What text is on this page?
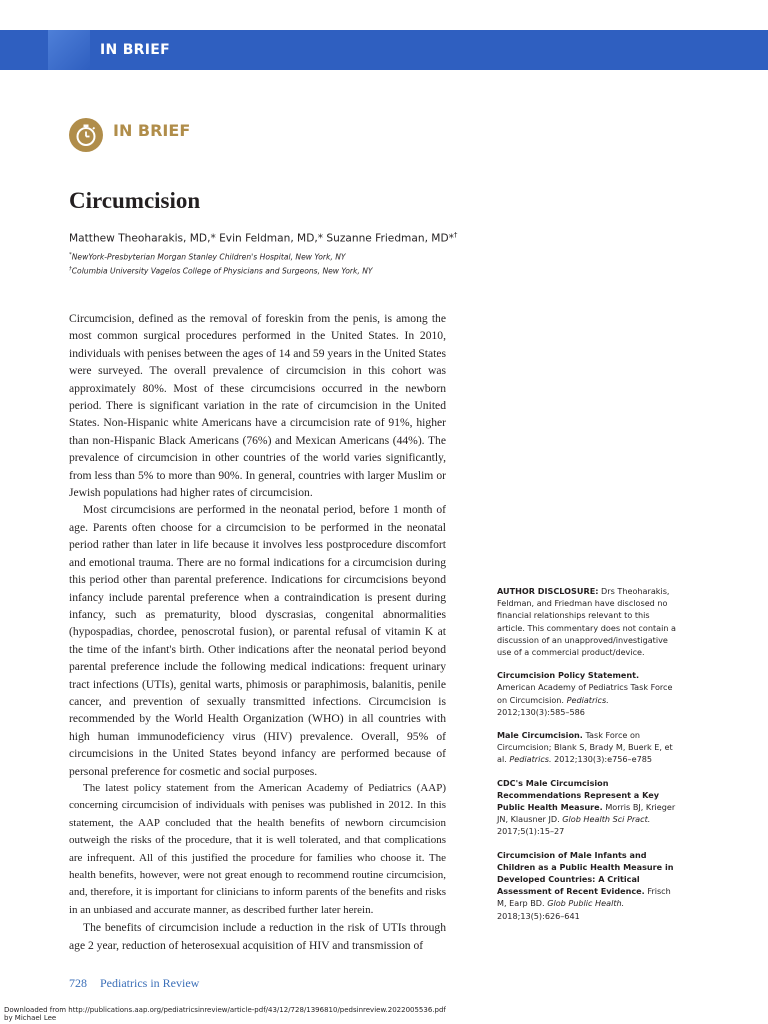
IN BRIEF
IN BRIEF
Circumcision
Matthew Theoharakis, MD,* Evin Feldman, MD,* Suzanne Friedman, MD*†
*NewYork-Presbyterian Morgan Stanley Children's Hospital, New York, NY
†Columbia University Vagelos College of Physicians and Surgeons, New York, NY

Circumcision, defined as the removal of foreskin from the penis, is among the most common surgical procedures performed in the United States. In 2010, individuals with penises between the ages of 14 and 59 years in the United States were surveyed. The overall prevalence of circumcision in this cohort was approximately 80%. Most of these circumcisions occurred in the newborn period. There is significant variation in the rate of circumcision in the United States. Non-Hispanic white Americans have a circumcision rate of 91%, higher than non-Hispanic Black Americans (76%) and Mexican Americans (44%). The prevalence of circumcision in other countries of the world varies significantly, from less than 5% to more than 90%. In general, countries with larger Muslim or Jewish populations had higher rates of circumcision.

Most circumcisions are performed in the neonatal period, before 1 month of age. Parents often choose for a circumcision to be performed in the neonatal period rather than later in life because it involves less postprocedure discomfort and emotional trauma. There are no formal indications for a circumcision during this period other than parental preference. Indications for circumcisions beyond infancy include parental preference when a contraindication is present during infancy, such as prematurity, blood dyscrasias, congenital abnormalities (hypospadias, chordee, penoscrotal fusion), or parental refusal of vitamin K at the time of the infant's birth. Other indications after the neonatal period beyond parental preference include the following medical indications: frequent urinary tract infections (UTIs), genital warts, phimosis or paraphimosis, balanitis, penile cancer, and prevention of sexually transmitted infections. Circumcision is recommended by the World Health Organization (WHO) in all countries with high human immunodeficiency virus (HIV) prevalence. Overall, 95% of circumcisions in the United States beyond infancy are performed because of personal preference for cosmetic and social purposes.

The latest policy statement from the American Academy of Pediatrics (AAP) concerning circumcision of individuals with penises was published in 2012. In this statement, the AAP concluded that the health benefits of newborn circumcision outweigh the risks of the procedure, that it is well tolerated, and that complications are infrequent. All of this justified the procedure for families who choose it. The health benefits, however, were not great enough to recommend routine circumcision, and, therefore, it is important for clinicians to inform parents of the benefits and risks in an unbiased and accurate manner, as described further later herein.

The benefits of circumcision include a reduction in the risk of UTIs through age 2 year, reduction of heterosexual acquisition of HIV and transmission of

AUTHOR DISCLOSURE: Drs Theoharakis, Feldman, and Friedman have disclosed no financial relationships relevant to this article. This commentary does not contain a discussion of an unapproved/investigative use of a commercial product/device.
Circumcision Policy Statement. American Academy of Pediatrics Task Force on Circumcision. Pediatrics. 2012;130(3):585–586
Male Circumcision. Task Force on Circumcision; Blank S, Brady M, Buerk E, et al. Pediatrics. 2012;130(3):e756–e785
CDC's Male Circumcision Recommendations Represent a Key Public Health Measure. Morris BJ, Krieger JN, Klausner JD. Glob Health Sci Pract. 2017;5(1):15–27
Circumcision of Male Infants and Children as a Public Health Measure in Developed Countries: A Critical Assessment of Recent Evidence. Frisch M, Earp BD. Glob Public Health. 2018;13(5):626–641
728 Pediatrics in Review
Downloaded from http://publications.aap.org/pediatricsinreview/article-pdf/43/12/728/1396810/pedsinreview.2022005536.pdf
by Michael Lee
